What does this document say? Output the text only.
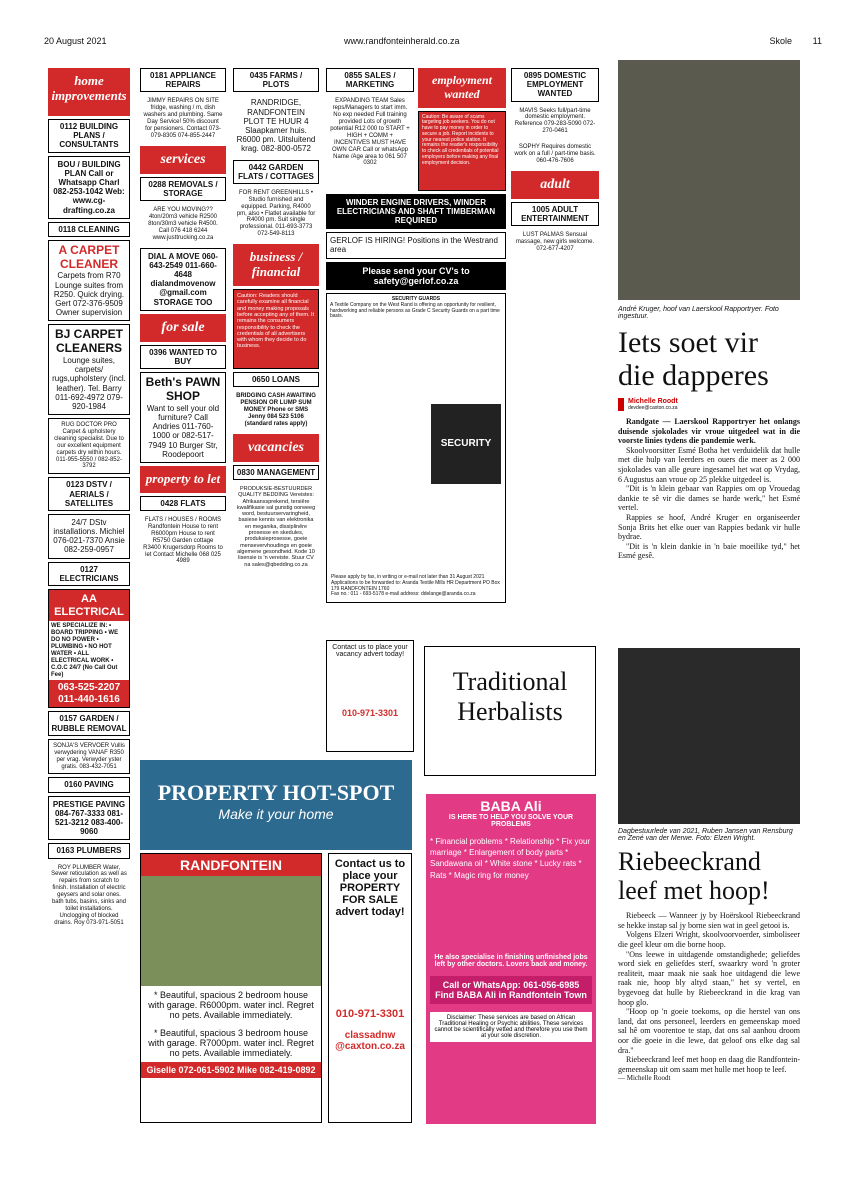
20 August 2021	www.randfonteinherald.co.za	Skole 11
home improvements
0112 BUILDING PLANS / CONSULTANTS
BOU / BUILDING PLAN Call or Whatsapp Charl 082-253-1042 Web: www.cg-drafting.co.za
0118 CLEANING
A CARPET CLEANER
Carpets from R70 Lounge suites from R250. Quick drying. Gert 072-376-9509 Owner supervision
BJ CARPET CLEANERS
Lounge suites, carpets/ rugs,upholstery (incl. leather). Tel. Barry 011-692-4972 079-920-1984
RUG DOCTOR PRO Carpet & upholstery cleaning specialist. Due to our excellent equipment carpets dry within hours. 011-955-5550 / 082-852-3792
0123 DSTV / AERIALS / SATELLITES
24/7 DStv installations. Michiel 076-021-7370 Ansie 082-259-0957
0127 ELECTRICIANS
AA ELECTRICAL
WE SPECIALIZE IN: • BOARD TRIPPING • WE DO NO POWER • PLUMBING • NO HOT WATER • ALL ELECTRICAL WORK • C.O.C 24/7 (No Call Out Fee)
063-525-2207 011-440-1616
0157 GARDEN / RUBBLE REMOVAL
SONJA'S VERVOER Vullis verwydering VANAF R350 per vrag. Verwyder yster gratis. 083-432-7051
0160 PAVING
PRESTIGE PAVING 084-767-3333 081-521-3212 083-400-9060
0163 PLUMBERS
ROY PLUMBER Water, Sewer reticulation as well as repairs from scratch to finish. Installation of electric geysers and solar ones. bath tubs, basins, sinks and toilet installations. Unclogging of blocked drains. Roy 073-971-5051
0181 APPLIANCE REPAIRS
JIMMY REPAIRS ON SITE fridge, washing / m, dish washers and plumbing. Same Day Service! 50% discount for pensioners. Contact 073-079-8305 074-855-2447
services
0288 REMOVALS / STORAGE
ARE YOU MOVING?? 4ton/20m3 vehicle R2500 8ton/30m3 vehicle R4500. Call 076 418 6244 www.justtrucking.co.za
DIAL A MOVE 060-643-2549 011-660-4648 dialandmovenow @gmail.com STORAGE TOO
for sale
0396 WANTED TO BUY
Beth's PAWN SHOP
Want to sell your old furniture? Call Andries 011-760-1000 or 082-517-7949 10 Burger Str, Roodepoort
property to let
0428 FLATS
FLATS / HOUSES / ROOMS Randfontein House to rent R6000pm House to rent R5750 Garden cottage R3400 Krugersdorp Rooms to let Contact Michelle 068 025 4989
0435 FARMS / PLOTS
RANDRIDGE, RANDFONTEIN PLOT TE HUUR 4 Slaapkamer huis. R6000 pm. Uitsluitend krag. 082-800-0572
0442 GARDEN FLATS / COTTAGES
FOR RENT GREENHILLS • Studio furnished and equipped. Parking, R4000 pm, also • Flatlet available for R4000 pm. Suit single professional. 011-693-3773 072-549-8113
business / financial
Caution: Readers should carefully examine all financial and money making proposals before accepting any of them. It remains the consumers responsibility to check the credentials of all advertisers with whom they decide to do business.
0650 LOANS
BRIDGING CASH AWAITING PENSION OR LUMP SUM MONEY Phone or SMS Jenny 084 523 5106 (standard rates apply)
vacancies
0830 MANAGEMENT
PRODUKSIE-BESTUURDER QUALITY BEDDING Vereistes: Afrikaanssprekend, tersiêre kwalifikasie sal gunstig oorweeg word, bestuurservaringheid, basiese kennis van elektronika en meganika, dissiplinêre prosesse en skedules, produksieprosesse, goeie mensevervhoudings en goeie algemene gesondheid. Kode 10 lisensie is 'n vereiste. Stuur CV na sales@qbedding.co.za
0855 SALES / MARKETING
EXPANDING TEAM Sales reps/Managers to start imm. No exp needed Full training provided Lots of growth potential R12 000 to START + HIGH + COMM + INCENTIVES MUST HAVE OWN CAR Call or whatsApp Name /Age area to 061 507 0302
employment wanted
Caution: Be aware of scams targeting job seekers. You do not have to pay money in order to secure a job. Report incidents to your nearest police station. It remains the reader's responsibility to check all credentials of potential employers before making any final employment decision.
WINDER ENGINE DRIVERS, WINDER ELECTRICIANS AND SHAFT TIMBERMAN REQUIRED
GERLOF IS HIRING! Positions in the Westrand area
Please send your CV's to safety@gerlof.co.za
SECURITY GUARDS
A Textile Company on the West Rand is offering an opportunity for resilient, hardworking and reliable persons as Grade C Security Guards on a part time basis.
SECURITY
Please apply by fax, in writing or e-mail not later than 31 August 2021 Applications to be forwarded to: Aranda Textile Mills HR Department PO Box 179 RANDFONTEIN 1760
Fax no.: 011 - 693-5178 e-mail address: ddelange@aranda.co.za
0895 DOMESTIC EMPLOYMENT WANTED
MAVIS Seeks full/part-time domestic employment. Reference 079-283-5090 072-270-0461
SOPHY Requires domestic work on a full / part-time basis. 060-476-7606
adult
1005 ADULT ENTERTAINMENT
LUST PALMAS Sensual massage, new girls welcome. 072-677-4207
PROPERTY HOT-SPOT
Make it your home
Contact us to place your vacancy advert today!
010-971-3301
Traditional
Herbalists
BABA Ali
IS HERE TO HELP YOU SOLVE YOUR PROBLEMS
* Financial problems * Relationship * Fix your marriage * Enlargement of body parts * Sandawana oil * White stone * Lucky rats * Rats * Magic ring for money
He also specialise in finishing unfinished jobs left by other doctors. Lovers back and money.
Call or WhatsApp: 061-056-6985 Find BABA Ali in Randfontein Town
Disclaimer: These services are based on African Traditional Healing or Psychic abilities. These services cannot be scientifically vetted and therefore you use them at your sole discretion.
RANDFONTEIN
* Beautiful, spacious 2 bedroom house with garage. R6000pm. water incl. Regret no pets. Available immediately.
* Beautiful, spacious 3 bedroom house with garage. R7000pm. water incl. Regret no pets. Available immediately.
Giselle 072-061-5902 Mike 082-419-0892
Contact us to place your PROPERTY FOR SALE advert today!
010-971-3301
classadnw @caxton.co.za
André Kruger, hoof van Laerskool Rapportryer. Foto ingestuur.
Iets soet vir die dapperes
Michelle Roodt
devdee@caxton.co.za

Randgate — Laerskool Rapportryer het onlangs duisende sjokolades vir vroue uitgedeel wat in die voorste linies tydens die pandemie werk.

Skoolvoorsitter Esmé Botha het verduidelik dat hulle met die hulp van leerders en ouers die meer as 2 000 sjokolades van alle geure ingesamel het wat op Vrydag, 6 Augustus aan vroue op 25 plekke uitgedeel is.

"Dit is 'n klein gebaar van Rappies om op Vrouedag dankie te sê vir die dames se harde werk," het Esmé vertel.

Rappies se hoof, André Kruger en organiseerder Sonja Brits het elke ouer van Rappies bedank vir hulle bydrae.

"Dit is 'n klein dankie in 'n baie moeilike tyd," het Esmé gesê.

Dagbestuurlede van 2021, Ruben Jansen van Rensburg en Zené van der Merwe. Foto: Elzeri Wright.
Riebeeckrand leef met hoop!

Riebeeck — Wanneer jy by Hoërskool Riebeeckrand se hekke instap sal jy borne sien wat in geel getooi is.

Volgens Elzeri Wright, skoolvoorvoerder, simboliseer die geel kleur om die borne hoop.

"Ons leewe in uitdagende omstandighede; geliefdes word siek en geliefdes sterf, swaarkry word 'n groter realiteit, maar maak nie saak hoe uitdagend die lewe raak nie, hoop bly altyd staan," het sy vertel, en bygevoeg dat hulle by Riebeeckrand in die krag van hoop glo.

"Hoop op 'n goeie toekoms, op die herstel van ons land, dat ons personeel, leerders en gemeenskap moed sal hê om voorentoe te stap, dat ons sal aanhou droom oor die goeie in die lewe, dat geloof ons elke dag sal dra."

Riebeeckrand leef met hoop en daag die Randfontein-gemeenskap uit om saam met hulle met hoop te leef.

— Michelle Roodt
